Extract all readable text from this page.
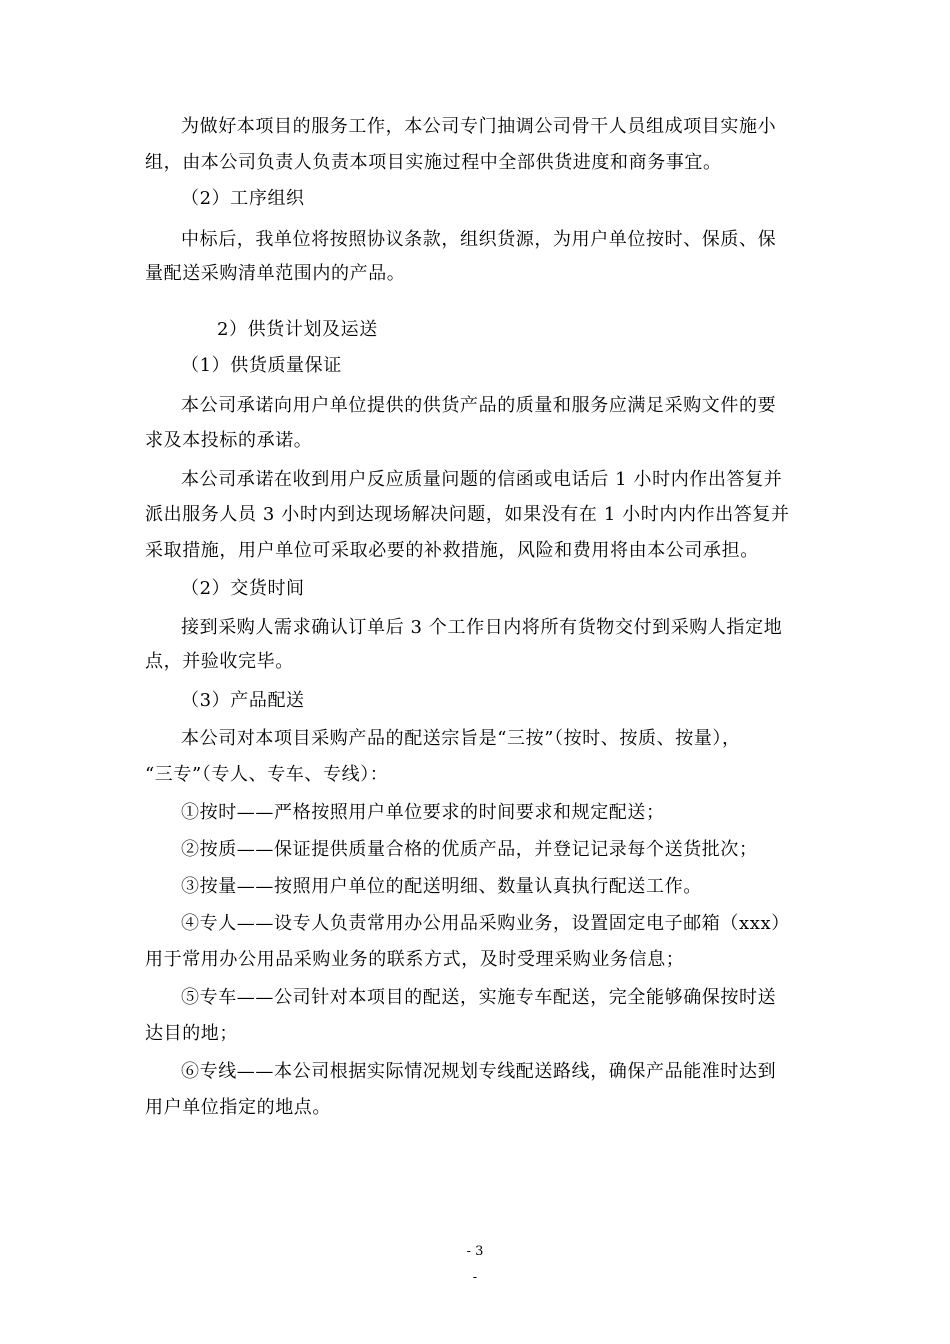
为做好本项目的服务工作，本公司专门抽调公司骨干人员组成项目实施小
组，由本公司负责人负责本项目实施过程中全部供货进度和商务事宜。
（2）工序组织
中标后，我单位将按照协议条款，组织货源，为用户单位按时、保质、保
量配送采购清单范围内的产品。
2）供货计划及运送
（1）供货质量保证
本公司承诺向用户单位提供的供货产品的质量和服务应满足采购文件的要
求及本投标的承诺。
本公司承诺在收到用户反应质量问题的信函或电话后 1 小时内作出答复并
派出服务人员 3 小时内到达现场解决问题，如果没有在 1 小时内内作出答复并
采取措施，用户单位可采取必要的补救措施，风险和费用将由本公司承担。
（2）交货时间
接到采购人需求确认订单后 3 个工作日内将所有货物交付到采购人指定地
点，并验收完毕。
（3）产品配送
本公司对本项目采购产品的配送宗旨是“三按”（按时、按质、按量），
“三专”（专人、专车、专线）：
①按时——严格按照用户单位要求的时间要求和规定配送；
②按质——保证提供质量合格的优质产品，并登记记录每个送货批次；
③按量——按照用户单位的配送明细、数量认真执行配送工作。
④专人——设专人负责常用办公用品采购业务，设置固定电子邮箱（xxx）
用于常用办公用品采购业务的联系方式，及时受理采购业务信息；
⑤专车——公司针对本项目的配送，实施专车配送，完全能够确保按时送
达目的地；
⑥专线——本公司根据实际情况规划专线配送路线，确保产品能准时达到
用户单位指定的地点。
- 3
-
